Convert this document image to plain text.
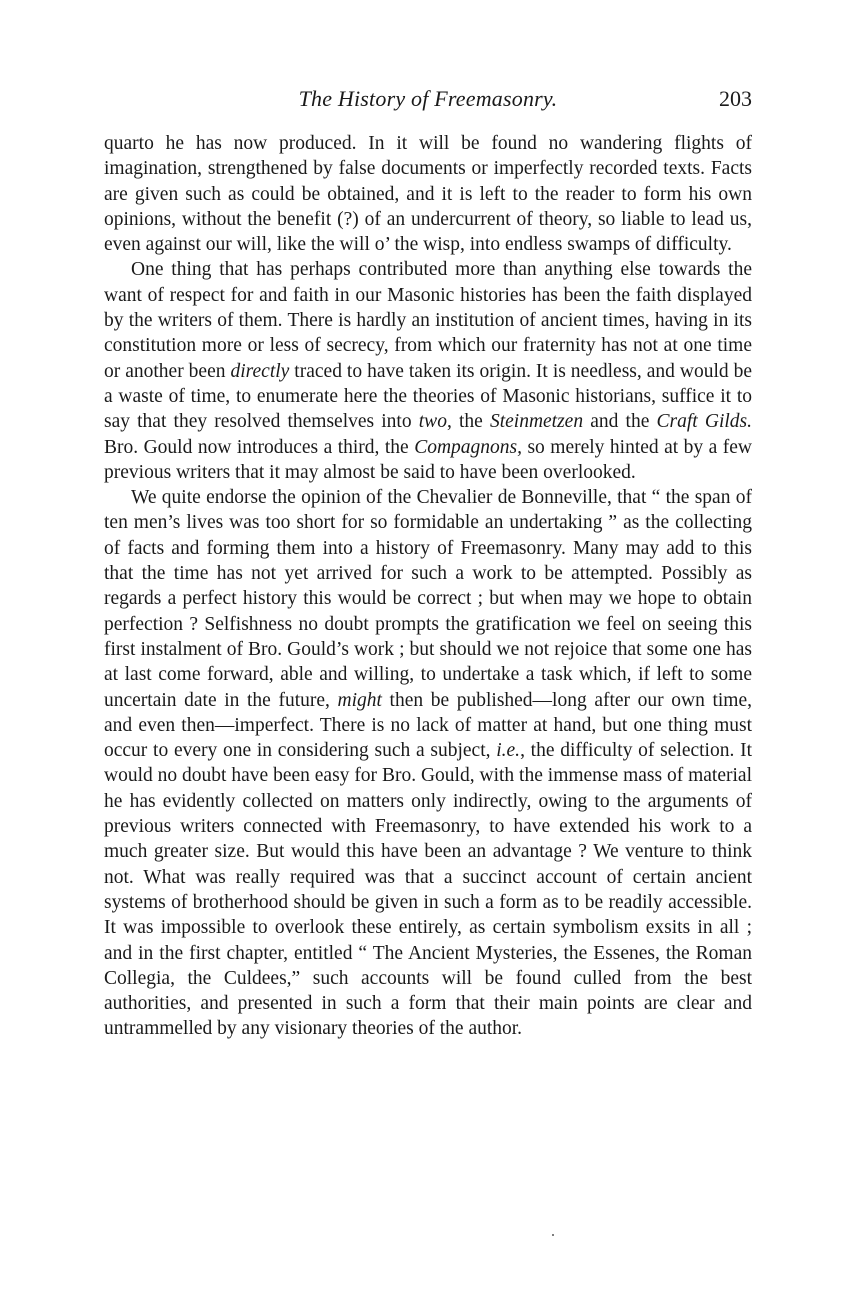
The History of Freemasonry.	203

quarto he has now produced. In it will be found no wandering flights of imagination, strengthened by false documents or imperfectly recorded texts. Facts are given such as could be obtained, and it is left to the reader to form his own opinions, without the benefit (?) of an undercurrent of theory, so liable to lead us, even against our will, like the will o’ the wisp, into endless swamps of difficulty.

One thing that has perhaps contributed more than anything else towards the want of respect for and faith in our Masonic histories has been the faith displayed by the writers of them. There is hardly an institution of ancient times, having in its constitution more or less of secrecy, from which our fraternity has not at one time or another been directly traced to have taken its origin. It is needless, and would be a waste of time, to enumerate here the theories of Masonic historians, suffice it to say that they resolved themselves into two, the Steinmetzen and the Craft Gilds. Bro. Gould now introduces a third, the Compagnons, so merely hinted at by a few previous writers that it may almost be said to have been overlooked.

We quite endorse the opinion of the Chevalier de Bonneville, that “ the span of ten men’s lives was too short for so formidable an undertaking ” as the collecting of facts and forming them into a history of Freemasonry. Many may add to this that the time has not yet arrived for such a work to be attempted. Possibly as regards a perfect history this would be correct ; but when may we hope to obtain perfection ? Selfishness no doubt prompts the gratification we feel on seeing this first instalment of Bro. Gould’s work ; but should we not rejoice that some one has at last come forward, able and willing, to undertake a task which, if left to some uncertain date in the future, might then be published—long after our own time, and even then—imperfect. There is no lack of matter at hand, but one thing must occur to every one in considering such a subject, i.e., the difficulty of selection. It would no doubt have been easy for Bro. Gould, with the immense mass of material he has evidently collected on matters only indirectly, owing to the arguments of previous writers connected with Freemasonry, to have extended his work to a much greater size. But would this have been an advantage ? We venture to think not. What was really required was that a succinct account of certain ancient systems of brotherhood should be given in such a form as to be readily accessible. It was impossible to overlook these entirely, as certain symbolism exsits in all ; and in the first chapter, entitled “ The Ancient Mysteries, the Essenes, the Roman Collegia, the Culdees,” such accounts will be found culled from the best authorities, and presented in such a form that their main points are clear and untrammelled by any visionary theories of the author.
